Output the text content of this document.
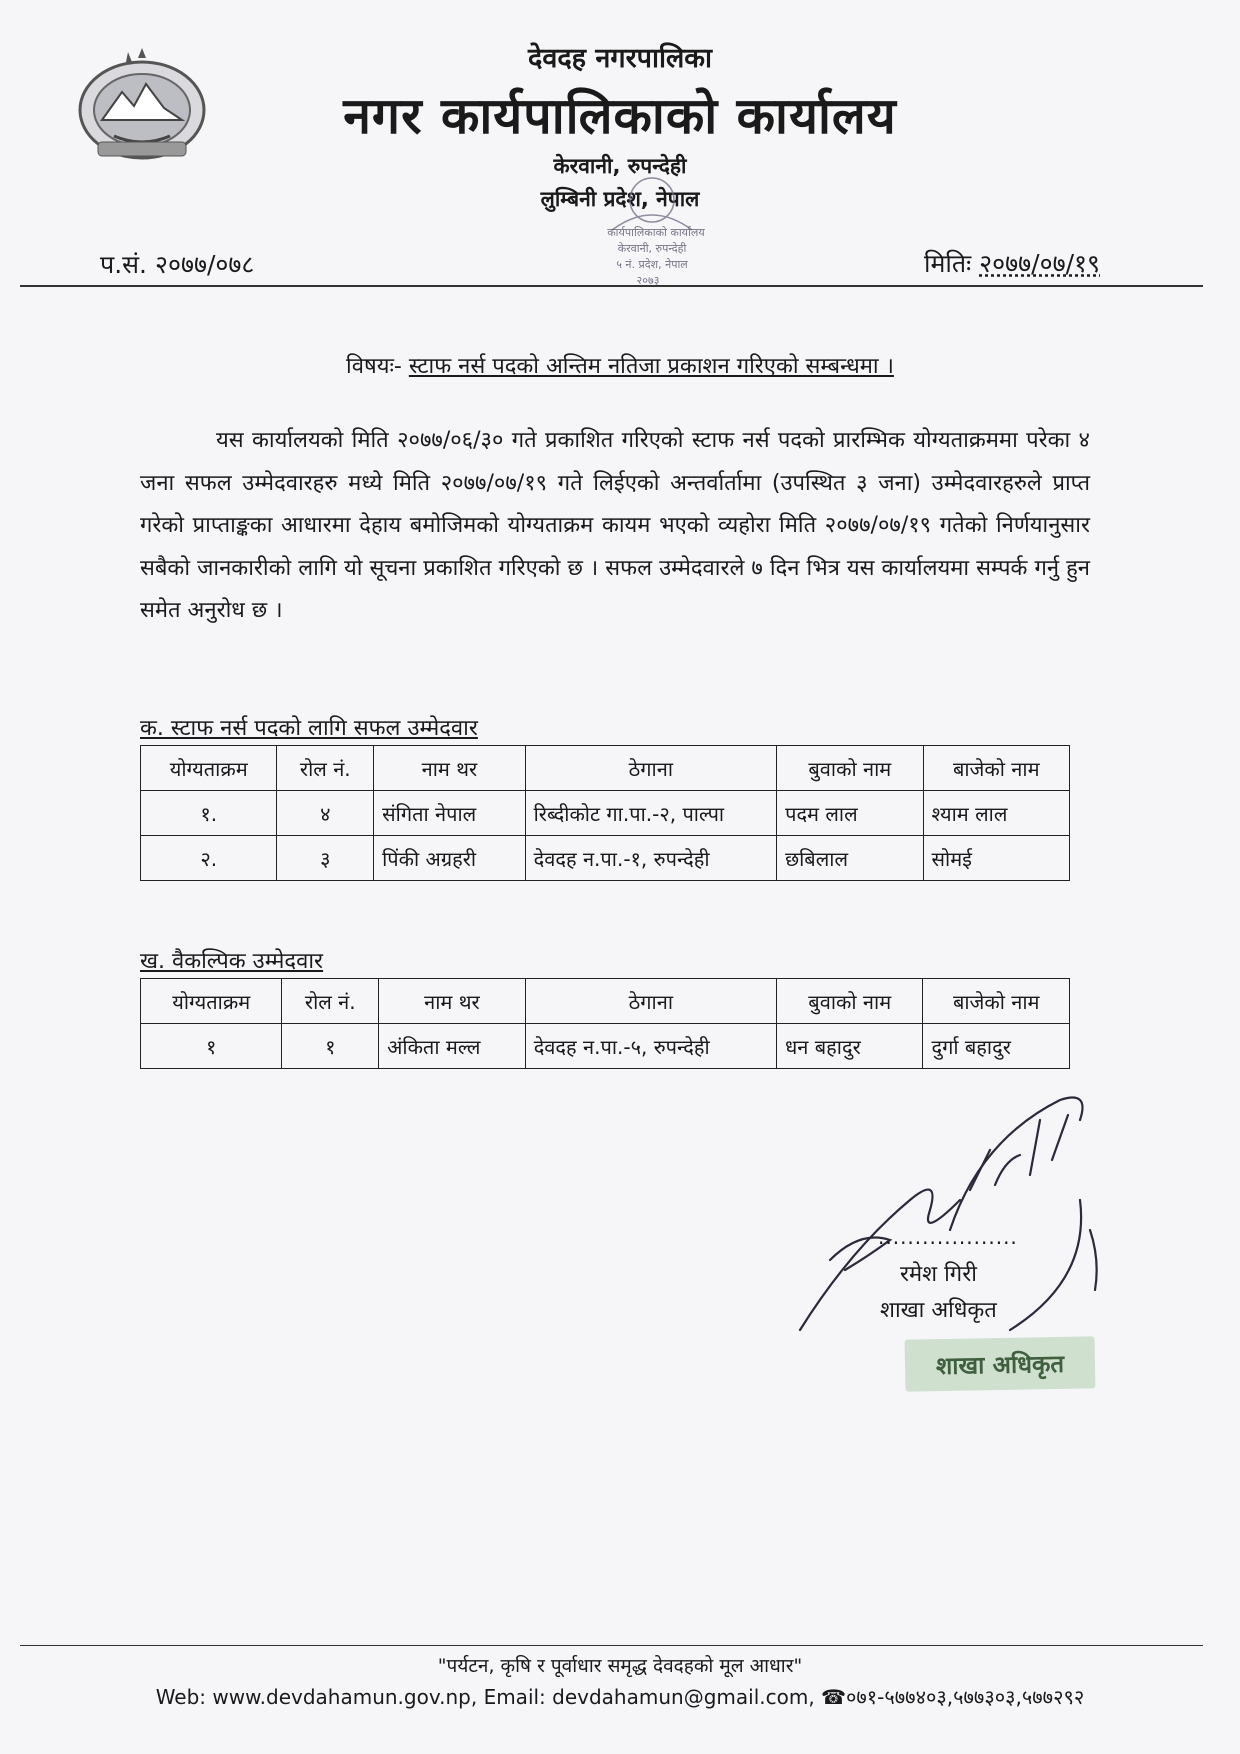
देवदह नगरपालिका
नगर कार्यपालिकाको कार्यालय
केरवानी, रुपन्देही
लुम्बिनी प्रदेश, नेपाल
कार्यपालिकाको कार्यालय
केरवानी, रुपन्देही
५ नं. प्रदेश, नेपाल
२०७३
प.सं. २०७७/०७८	मितिः २०७७/०७/१९
विषयः- स्टाफ नर्स पदको अन्तिम नतिजा प्रकाशन गरिएको सम्बन्धमा ।
यस कार्यालयको मिति २०७७/०६/३० गते प्रकाशित गरिएको स्टाफ नर्स पदको प्रारम्भिक योग्यताक्रममा परेका ४ जना सफल उम्मेदवारहरु मध्ये मिति २०७७/०७/१९ गते लिईएको अन्तर्वार्तामा (उपस्थित ३ जना) उम्मेदवारहरुले प्राप्त गरेको प्राप्ताङ्कका आधारमा देहाय बमोजिमको योग्यताक्रम कायम भएको व्यहोरा मिति २०७७/०७/१९ गतेको निर्णयानुसार सबैको जानकारीको लागि यो सूचना प्रकाशित गरिएको छ । सफल उम्मेदवारले ७ दिन भित्र यस कार्यालयमा सम्पर्क गर्नु हुन समेत अनुरोध छ ।
क. स्टाफ नर्स पदको लागि सफल उम्मेदवार
योग्यताक्रम	रोल नं.	नाम थर	ठेगाना	बुवाको नाम	बाजेको नाम
१.	४	संगिता नेपाल	रिब्दीकोट गा.पा.-२, पाल्पा	पदम लाल	श्याम लाल
२.	३	पिंकी अग्रहरी	देवदह न.पा.-१, रुपन्देही	छबिलाल	सोमई
ख. वैकल्पिक उम्मेदवार
योग्यताक्रम	रोल नं.	नाम थर	ठेगाना	बुवाको नाम	बाजेको नाम
१	१	अंकिता मल्ल	देवदह न.पा.-५, रुपन्देही	धन बहादुर	दुर्गा बहादुर
...................
रमेश गिरी
शाखा अधिकृत
शाखा अधिकृत
"पर्यटन, कृषि र पूर्वाधार समृद्ध देवदहको मूल आधार"
Web: www.devdahamun.gov.np, Email: devdahamun@gmail.com, ☎०७१-५७७४०३,५७७३०३,५७७२९२
